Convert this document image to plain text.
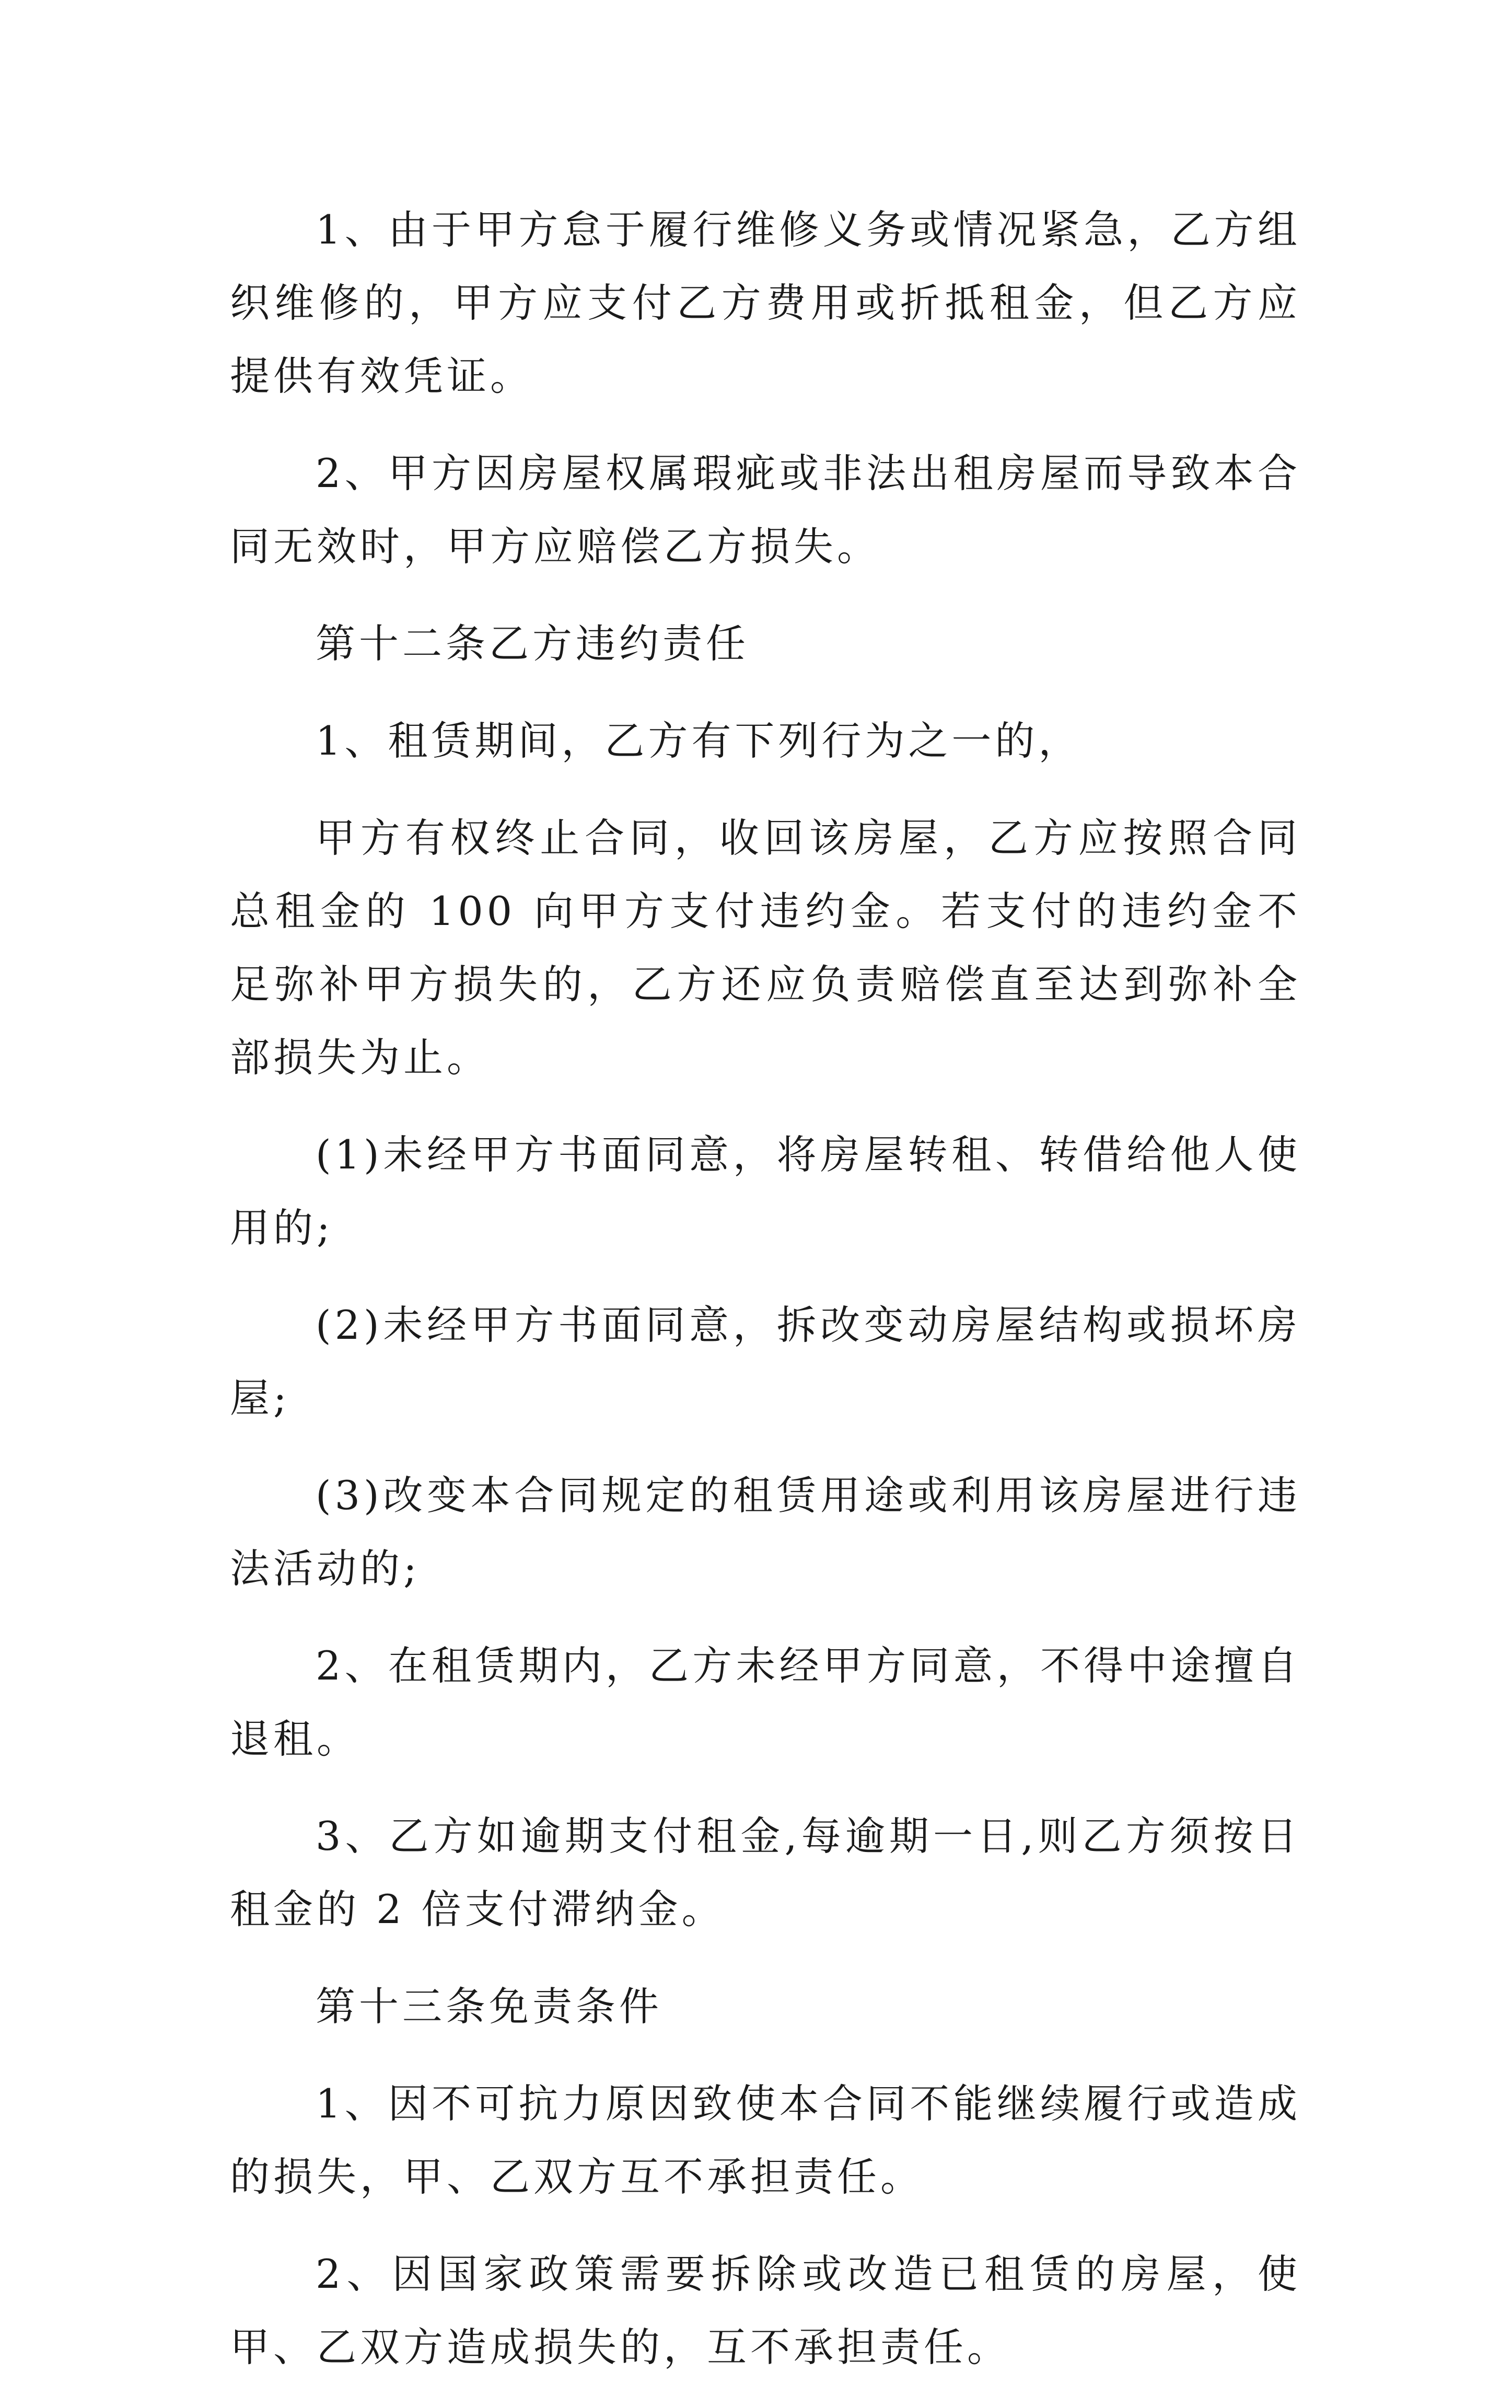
1、由于甲方怠于履行维修义务或情况紧急，乙方组织维修的，甲方应支付乙方费用或折抵租金，但乙方应提供有效凭证。

2、甲方因房屋权属瑕疵或非法出租房屋而导致本合同无效时，甲方应赔偿乙方损失。

第十二条乙方违约责任

1、租赁期间，乙方有下列行为之一的，

甲方有权终止合同，收回该房屋，乙方应按照合同总租金的 100 向甲方支付违约金。若支付的违约金不足弥补甲方损失的，乙方还应负责赔偿直至达到弥补全部损失为止。

(1)未经甲方书面同意，将房屋转租、转借给他人使用的;

(2)未经甲方书面同意，拆改变动房屋结构或损坏房屋;

(3)改变本合同规定的租赁用途或利用该房屋进行违法活动的;

2、在租赁期内，乙方未经甲方同意，不得中途擅自退租。

3、乙方如逾期支付租金,每逾期一日,则乙方须按日租金的 2 倍支付滞纳金。

第十三条免责条件

1、因不可抗力原因致使本合同不能继续履行或造成的损失，甲、乙双方互不承担责任。

2、因国家政策需要拆除或改造已租赁的房屋，使甲、乙双方造成损失的，互不承担责任。
